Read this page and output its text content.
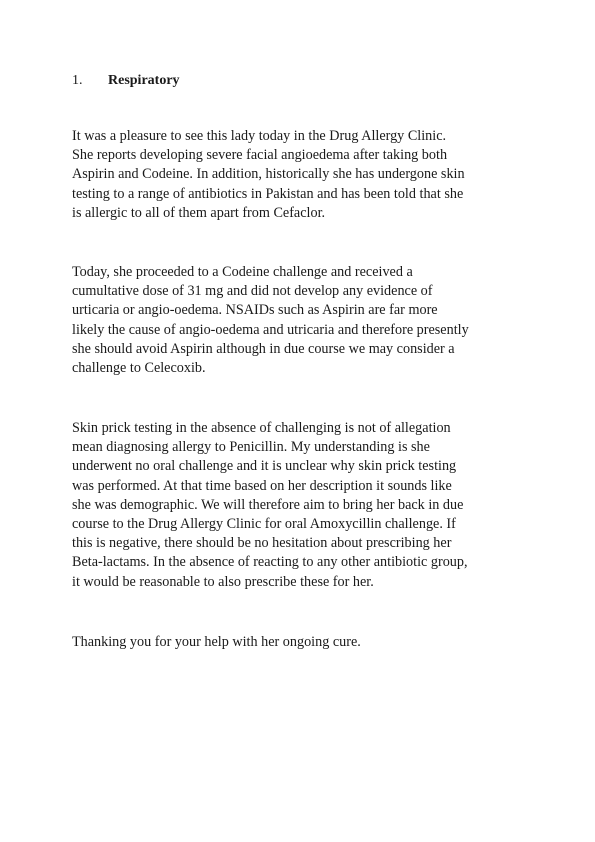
1. Respiratory
It was a pleasure to see this lady today in the Drug Allergy Clinic.
She reports developing severe facial angioedema after taking both
Aspirin and Codeine. In addition, historically she has undergone skin
testing to a range of antibiotics in Pakistan and has been told that she
is allergic to all of them apart from Cefaclor.
Today, she proceeded to a Codeine challenge and received a
cumultative dose of 31 mg and did not develop any evidence of
urticaria or angio-oedema. NSAIDs such as Aspirin are far more
likely the cause of angio-oedema and utricaria and therefore presently
she should avoid Aspirin although in due course we may consider a
challenge to Celecoxib.
Skin prick testing in the absence of challenging is not of allegation
mean diagnosing allergy to Penicillin. My understanding is she
underwent no oral challenge and it is unclear why skin prick testing
was performed. At that time based on her description it sounds like
she was demographic. We will therefore aim to bring her back in due
course to the Drug Allergy Clinic for oral Amoxycillin challenge. If
this is negative, there should be no hesitation about prescribing her
Beta-lactams. In the absence of reacting to any other antibiotic group,
it would be reasonable to also prescribe these for her.
Thanking you for your help with her ongoing cure.
